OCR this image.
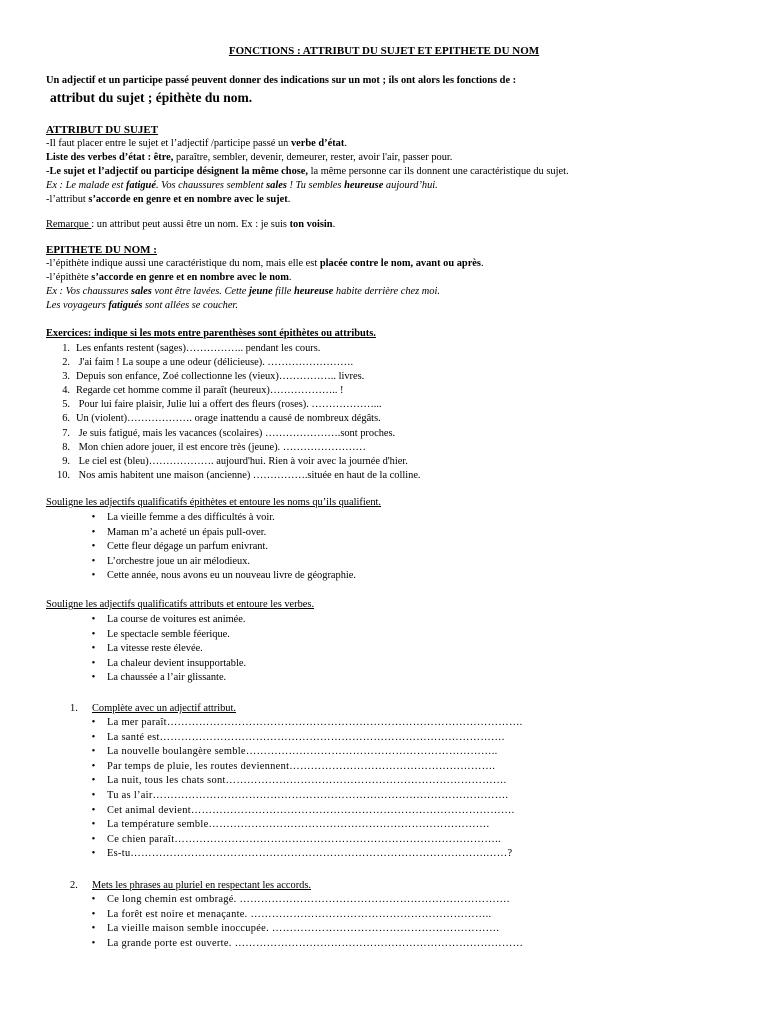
FONCTIONS : ATTRIBUT DU SUJET ET EPITHETE DU NOM
Un adjectif et un participe passé peuvent donner des indications sur un mot ; ils ont alors les fonctions de :
attribut du sujet ; épithète du nom.
ATTRIBUT DU SUJET
-Il faut placer entre le sujet et l’adjectif /participe passé un verbe d’état.
Liste des verbes d’état : être, paraître, sembler, devenir, demeurer, rester, avoir l'air, passer pour.
-Le sujet et l’adjectif ou participe désignent la même chose, la même personne car ils donnent une caractéristique du sujet.
Ex : Le malade est fatigué. Vos chaussures semblent sales ! Tu sembles heureuse aujourd’hui.
-l’attribut s’accorde en genre et en nombre avec le sujet.
Remarque : un attribut peut aussi être un nom. Ex : je suis ton voisin.
EPITHETE DU NOM :
-l’épithète indique aussi une caractéristique du nom, mais elle est placée contre le nom, avant ou après.
-l’épithète s’accorde en genre et en nombre avec le nom.
Ex : Vos chaussures sales vont être lavées. Cette jeune fille heureuse habite derrière chez moi.
Les voyageurs fatigués sont allées se coucher.
Exercices: indique si les mots entre parenthèses sont épithètes ou attributs.
1. Les enfants restent (sages)…………….. pendant les cours.
2. J'ai faim ! La soupe a une odeur (délicieuse). …………………….
3. Depuis son enfance, Zoé collectionne les (vieux)…………….. livres.
4. Regarde cet homme comme il paraît (heureux)……………….. !
5. Pour lui faire plaisir, Julie lui a offert des fleurs (roses). ………………...
6. Un (violent)………………. orage inattendu a causé de nombreux dégâts.
7. Je suis fatigué, mais les vacances (scolaires) ………………….sont proches.
8. Mon chien adore jouer, il est encore très (jeune). ……………………
9. Le ciel est (bleu)………………. aujourd'hui. Rien à voir avec la journée d'hier.
10. Nos amis habitent une maison (ancienne) …………….située en haut de la colline.
Souligne les adjectifs qualificatifs épithètes et entoure les noms qu’ils qualifient.
• La vieille femme a des difficultés à voir.
• Maman m’a acheté un épais pull-over.
• Cette fleur dégage un parfum enivrant.
• L’orchestre joue un air mélodieux.
• Cette année, nous avons eu un nouveau livre de géographie.
Souligne les adjectifs qualificatifs attributs et entoure les verbes.
• La course de voitures est animée.
• Le spectacle semble féerique.
• La vitesse reste élevée.
• La chaleur devient insupportable.
• La chaussée a l’air glissante.
1. Complète avec un adjectif attribut.
• La mer paraît……………………………………………………………………………………….
• La santé est…………………………………………………………………………………….
• La nouvelle boulangère semble……………………………………………………………..
• Par temps de pluie, les routes deviennent………………………………………………….
• La nuit, tous les chats sont…………………………………………………………………….
• Tu as l’air……………………………………………………………………………………….
• Cet animal devient……………………………………………………………………………….
• La température semble…………………………………………………………………….
• Ce chien paraît………………………………………………………………………………..
• Es-tu……………………………………………………………………………………….……?
2. Mets les phrases au pluriel en respectant les accords.
• Ce long chemin est ombragé. ………………………………………………………………….
• La forêt est noire et menaçante. …………………………………………………………..
• La vieille maison semble inoccupée. ……………………………………………………….
• La grande porte est ouverte. ………………………………………………………………………
